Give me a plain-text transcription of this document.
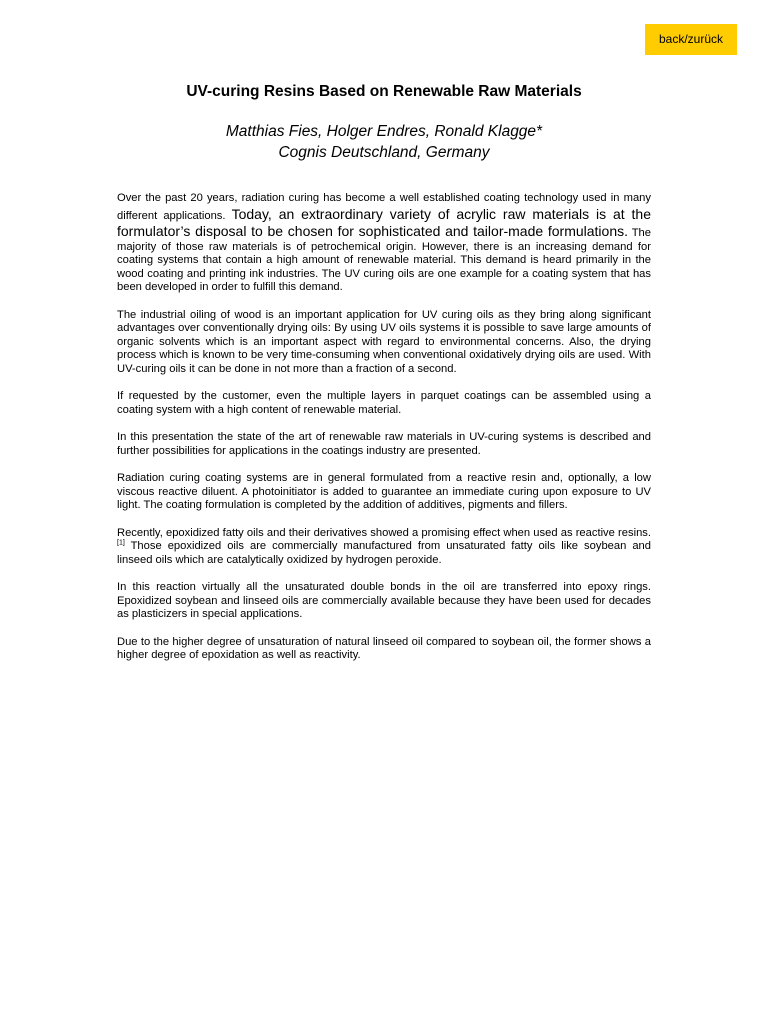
back/zurück
UV-curing Resins Based on Renewable Raw Materials
Matthias Fies, Holger Endres, Ronald Klagge*
Cognis Deutschland, Germany

Over the past 20 years, radiation curing has become a well established coating technology used in many different applications. Today, an extraordinary variety of acrylic raw materials is at the formulator’s disposal to be chosen for sophisticated and tailor-made formulations. The majority of those raw materials is of petrochemical origin. However, there is an increasing demand for coating systems that contain a high amount of renewable material. This demand is heard primarily in the wood coating and printing ink industries. The UV curing oils are one example for a coating system that has been developed in order to fulfill this demand.

The industrial oiling of wood is an important application for UV curing oils as they bring along significant advantages over conventionally drying oils: By using UV oils systems it is possible to save large amounts of organic solvents which is an important aspect with regard to environmental concerns. Also, the drying process which is known to be very time-consuming when conventional oxidatively drying oils are used. With UV-curing oils it can be done in not more than a fraction of a second.

If requested by the customer, even the multiple layers in parquet coatings can be assembled using a coating system with a high content of renewable material.

In this presentation the state of the art of renewable raw materials in UV-curing systems is described and further possibilities for applications in the coatings industry are presented.

Radiation curing coating systems are in general formulated from a reactive resin and, optionally, a low viscous reactive diluent. A photoinitiator is added to guarantee an immediate curing upon exposure to UV light. The coating formulation is completed by the addition of additives, pigments and fillers.

Recently, epoxidized fatty oils and their derivatives showed a promising effect when used as reactive resins. [1] Those epoxidized oils are commercially manufactured from unsaturated fatty oils like soybean and linseed oils which are catalytically oxidized by hydrogen peroxide.

In this reaction virtually all the unsaturated double bonds in the oil are transferred into epoxy rings. Epoxidized soybean and linseed oils are commercially available because they have been used for decades as plasticizers in special applications.

Due to the higher degree of unsaturation of natural linseed oil compared to soybean oil, the former shows a higher degree of epoxidation as well as reactivity.
